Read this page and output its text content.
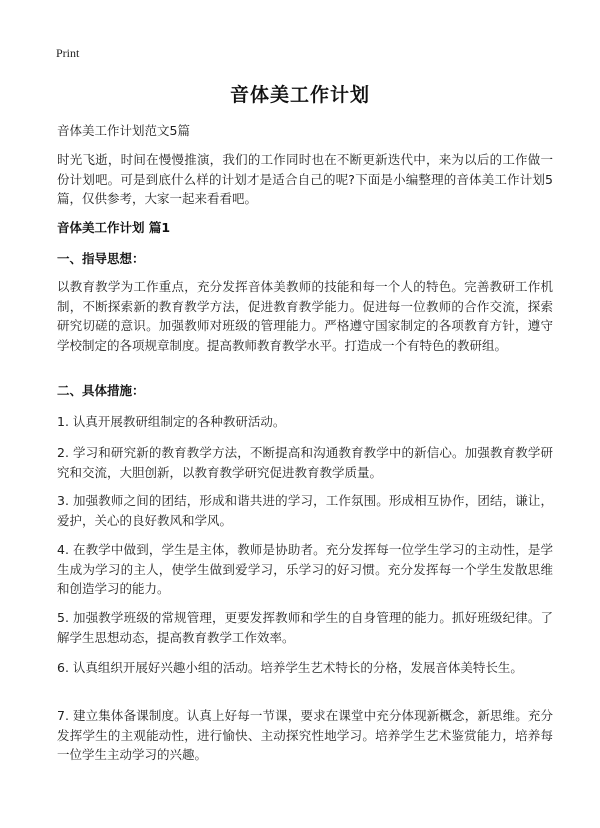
Print
音体美工作计划
音体美工作计划范文5篇

时光飞逝，时间在慢慢推演，我们的工作同时也在不断更新迭代中，来为以后的工作做一份计划吧。可是到底什么样的计划才是适合自己的呢?下面是小编整理的音体美工作计划5篇，仅供参考，大家一起来看看吧。

音体美工作计划 篇1
一、指导思想：

以教育教学为工作重点，充分发挥音体美教师的技能和每一个人的特色。完善教研工作机制，不断探索新的教育教学方法，促进教育教学能力。促进每一位教师的合作交流，探索研究切磋的意识。加强教师对班级的管理能力。严格遵守国家制定的各项教育方针，遵守学校制定的各项规章制度。提高教师教育教学水平。打造成一个有特色的教研组。

二、具体措施：

1. 认真开展教研组制定的各种教研活动。

2. 学习和研究新的教育教学方法，不断提高和沟通教育教学中的新信心。加强教育教学研究和交流，大胆创新，以教育教学研究促进教育教学质量。

3. 加强教师之间的团结，形成和谐共进的学习，工作氛围。形成相互协作，团结，谦让，爱护，关心的良好教风和学风。

4. 在教学中做到，学生是主体，教师是协助者。充分发挥每一位学生学习的主动性，是学生成为学习的主人，使学生做到爱学习，乐学习的好习惯。充分发挥每一个学生发散思维和创造学习的能力。

5. 加强教学班级的常规管理，更要发挥教师和学生的自身管理的能力。抓好班级纪律。了解学生思想动态，提高教育教学工作效率。

6. 认真组织开展好兴趣小组的活动。培养学生艺术特长的分格，发展音体美特长生。

7. 建立集体备课制度。认真上好每一节课，要求在课堂中充分体现新概念，新思维。充分发挥学生的主观能动性，进行愉快、主动探究性地学习。培养学生艺术鉴赏能力，培养每一位学生主动学习的兴趣。
